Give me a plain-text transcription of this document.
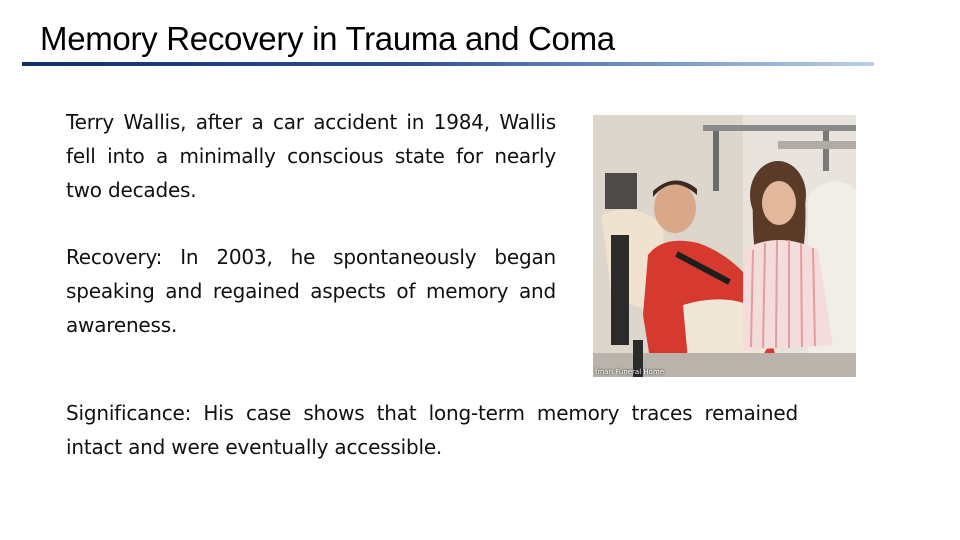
Memory Recovery in Trauma and Coma
Terry Wallis, after a car accident in 1984, Wallis fell into a minimally conscious state for nearly two decades.
Recovery: In 2003, he spontaneously began speaking and regained aspects of memory and awareness.
Significance: His case shows that long-term memory traces remained intact and were eventually accessible.
fman Funeral Home
